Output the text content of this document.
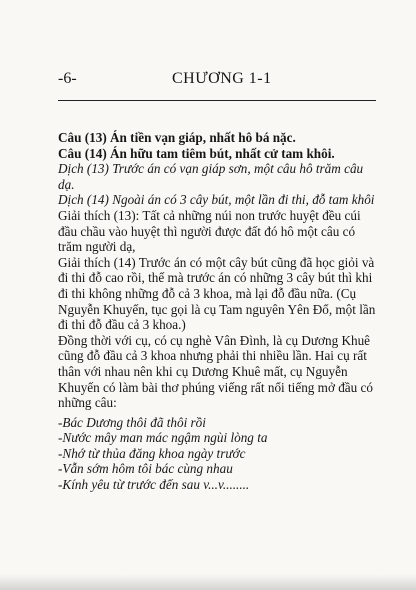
-6-	CHƯƠNG 1-1

Câu (13) Án tiền vạn giáp, nhất hô bá nặc.

Câu (14) Án hữu tam tiêm bút, nhất cử tam khôi.

Dịch (13) Trước án có vạn giáp sơn, một câu hô trăm câu dạ.

Dịch (14) Ngoài án có 3 cây bút, một lần đi thi, đỗ tam khôi

Giải thích (13): Tất cả những núi non trước huyệt đều cúi đầu chầu vào huyệt thì người được đất đó hô một câu có trăm người dạ,

Giải thích (14) Trước án có một cây bút cũng đã học giỏi và đi thi đỗ cao rồi, thế mà trước án có những 3 cây bút thì khi đi thi không những đỗ cả 3 khoa, mà lại đỗ đầu nữa. (Cụ Nguyễn Khuyến, tục gọi là cụ Tam nguyên Yên Đổ, một lần đi thi đỗ đầu cả 3 khoa.)

Đồng thời với cụ, có cụ nghè Vân Đình, là cụ Dương Khuê cũng đỗ đầu cả 3 khoa nhưng phải thi nhiều lần. Hai cụ rất thân với nhau nên khi cụ Dương Khuê mất, cụ Nguyễn Khuyến có làm bài thơ phúng viếng rất nổi tiếng mở đầu có những câu:

-Bác Dương thôi đã thôi rồi

-Nước mây man mác ngậm ngùi lòng ta

-Nhớ từ thủa đăng khoa ngày trước

-Vẫn sớm hôm tôi bác cùng nhau

-Kính yêu từ trước đến sau v...v........
